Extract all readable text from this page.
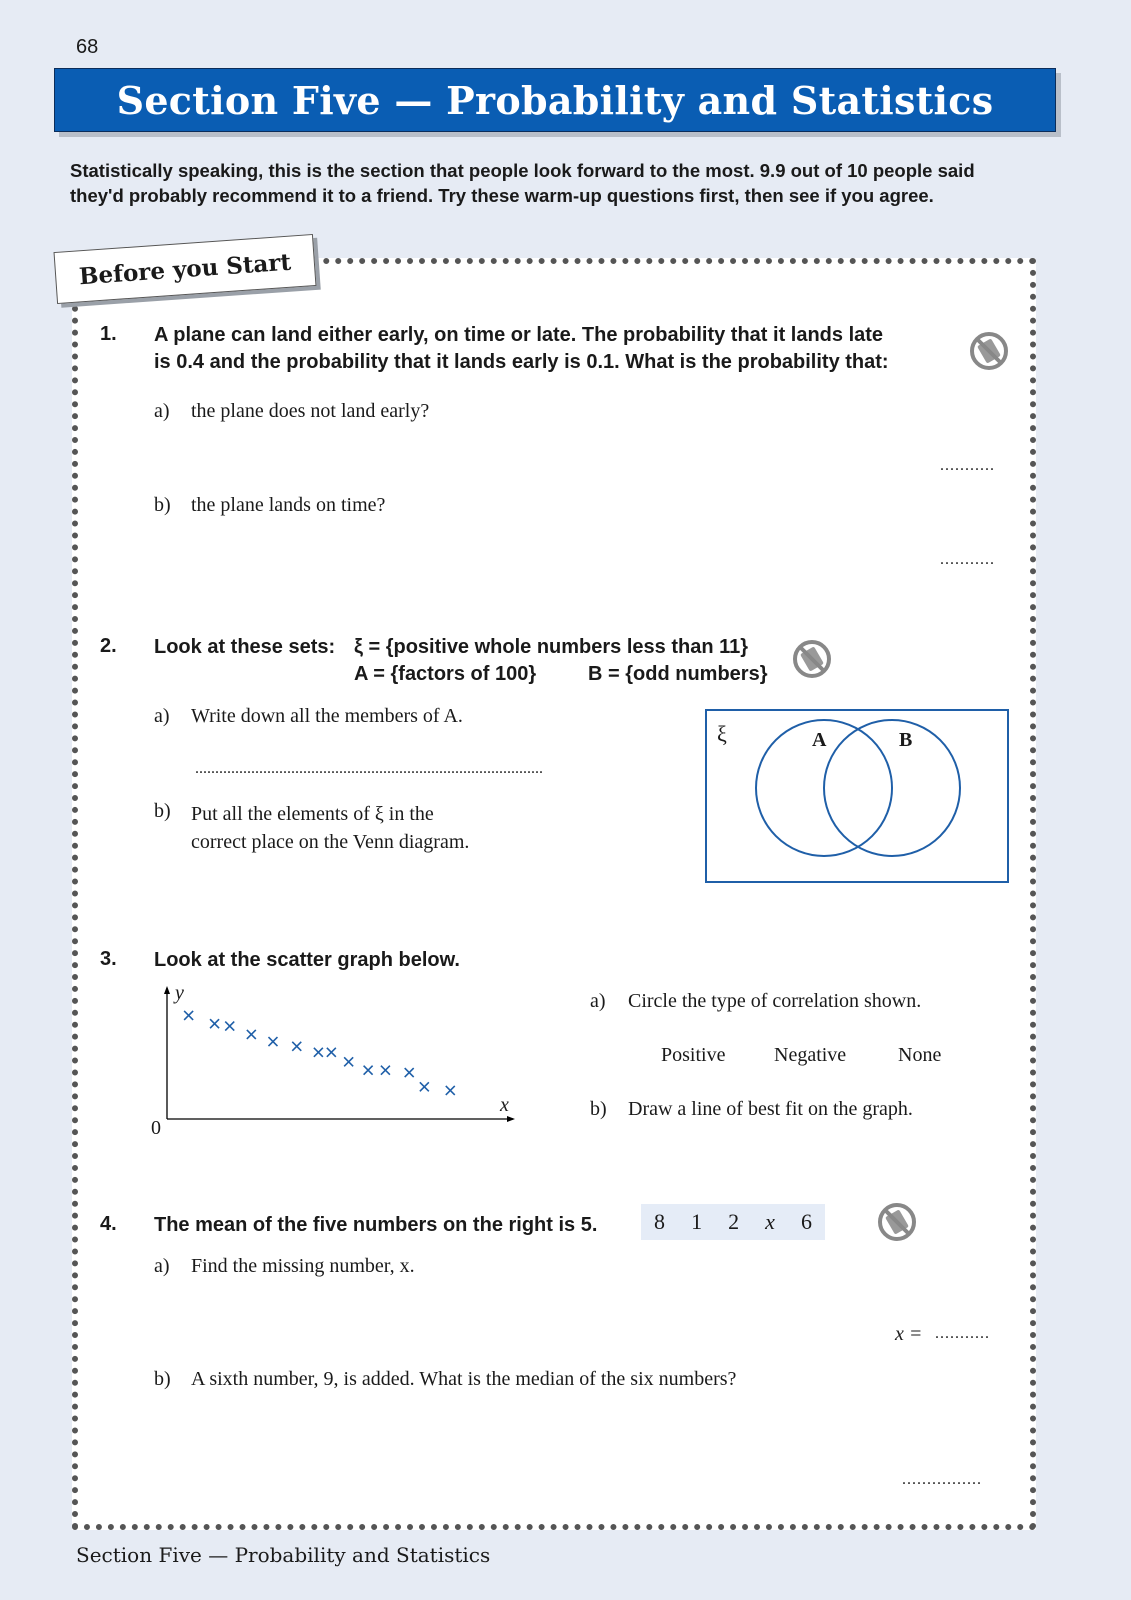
68
Section Five — Probability and Statistics
Statistically speaking, this is the section that people look forward to the most. 9.9 out of 10 people said
they'd probably recommend it to a friend. Try these warm-up questions first, then see if you agree.
Before you Start
1. A plane can land either early, on time or late. The probability that it lands late
is 0.4 and the probability that it lands early is 0.1. What is the probability that:
a) the plane does not land early?
...........
b) the plane lands on time?
...........
2. Look at these sets: ξ = {positive whole numbers less than 11}
A = {factors of 100}	B = {odd numbers}
a) Write down all the members of A.
.......................................................................................
b) Put all the elements of ξ in the
correct place on the Venn diagram.
ξ	A	B
3. Look at the scatter graph below.
y
x
0
a) Circle the type of correlation shown.
Positive Negative	None
b) Draw a line of best fit on the graph.
4. The mean of the five numbers on the right is 5.	8 1 2 x 6
a) Find the missing number, x.
x = ...........
b) A sixth number, 9, is added. What is the median of the six numbers?
................
Section Five — Probability and Statistics
